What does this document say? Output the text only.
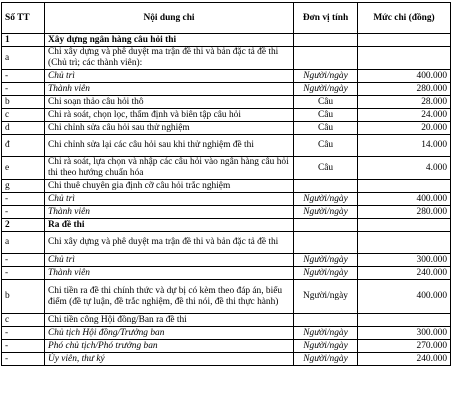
Số TT	Nội dung chi	Đơn vị tính	Mức chi (đồng)
1	Xây dựng ngân hàng câu hỏi thi		
a	Chi xây dựng và phê duyệt ma trận đề thi và bản đặc tả đề thi (Chủ trì; các thành viên):		
-	Chủ trì	Người/ngày	400.000
-	Thành viên	Người/ngày	280.000
b	Chi soạn thảo câu hỏi thô	Câu	28.000
c	Chi rà soát, chọn lọc, thẩm định và biên tập câu hỏi	Câu	24.000
d	Chi chỉnh sửa câu hỏi sau thử nghiệm	Câu	20.000
đ	Chi chỉnh sửa lại các câu hỏi sau khi thử nghiệm đề thi	Câu	14.000
e	Chi rà soát, lựa chọn và nhập các câu hỏi vào ngân hàng câu hỏi thi theo hướng chuẩn hóa	Câu	4.000
g	Chi thuê chuyên gia định cỡ câu hỏi trắc nghiệm		
-	Chủ trì	Người/ngày	400.000
-	Thành viên	Người/ngày	280.000
2	Ra đề thi		
a	Chi xây dựng và phê duyệt ma trận đề thi và bản đặc tả đề thi		
-	Chủ trì	Người/ngày	300.000
-	Thành viên	Người/ngày	240.000
b	Chi tiền ra đề thi chính thức và dự bị có kèm theo đáp án, biểu điểm (đề tự luận, đề trắc nghiệm, đề thi nói, đề thi thực hành)	Người/ngày	400.000
c	Chi tiền công Hội đồng/Ban ra đề thi		
-	Chủ tịch Hội đồng/Trưởng ban	Người/ngày	300.000
-	Phó chủ tịch/Phó trưởng ban	Người/ngày	270.000
-	Ủy viên, thư ký	Người/ngày	240.000
